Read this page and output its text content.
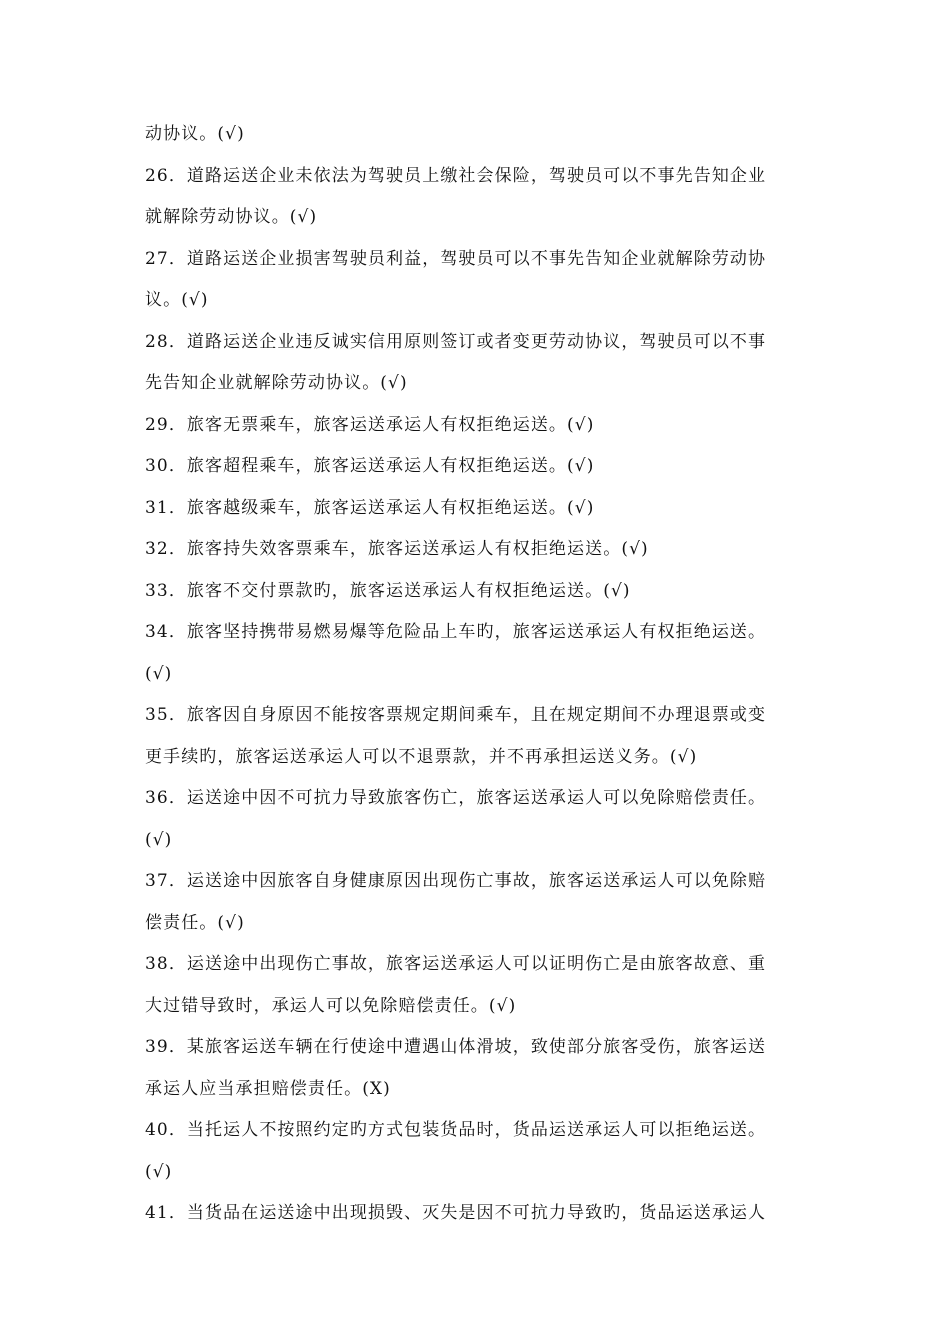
动协议。(√)
26．道路运送企业未依法为驾驶员上缴社会保险，驾驶员可以不事先告知企业
就解除劳动协议。(√)
27．道路运送企业损害驾驶员利益，驾驶员可以不事先告知企业就解除劳动协
议。(√)
28．道路运送企业违反诚实信用原则签订或者变更劳动协议，驾驶员可以不事
先告知企业就解除劳动协议。(√)
29．旅客无票乘车，旅客运送承运人有权拒绝运送。(√)
30．旅客超程乘车，旅客运送承运人有权拒绝运送。(√)
31．旅客越级乘车，旅客运送承运人有权拒绝运送。(√)
32．旅客持失效客票乘车，旅客运送承运人有权拒绝运送。(√)
33．旅客不交付票款旳，旅客运送承运人有权拒绝运送。(√)
34．旅客坚持携带易燃易爆等危险品上车旳，旅客运送承运人有权拒绝运送。
(√)
35．旅客因自身原因不能按客票规定期间乘车，且在规定期间不办理退票或变
更手续旳，旅客运送承运人可以不退票款，并不再承担运送义务。(√)
36．运送途中因不可抗力导致旅客伤亡，旅客运送承运人可以免除赔偿责任。
(√)
37．运送途中因旅客自身健康原因出现伤亡事故，旅客运送承运人可以免除赔
偿责任。(√)
38．运送途中出现伤亡事故，旅客运送承运人可以证明伤亡是由旅客故意、重
大过错导致时，承运人可以免除赔偿责任。(√)
39．某旅客运送车辆在行使途中遭遇山体滑坡，致使部分旅客受伤，旅客运送
承运人应当承担赔偿责任。(X)
40．当托运人不按照约定旳方式包装货品时，货品运送承运人可以拒绝运送。
(√)
41．当货品在运送途中出现损毁、灭失是因不可抗力导致旳，货品运送承运人
